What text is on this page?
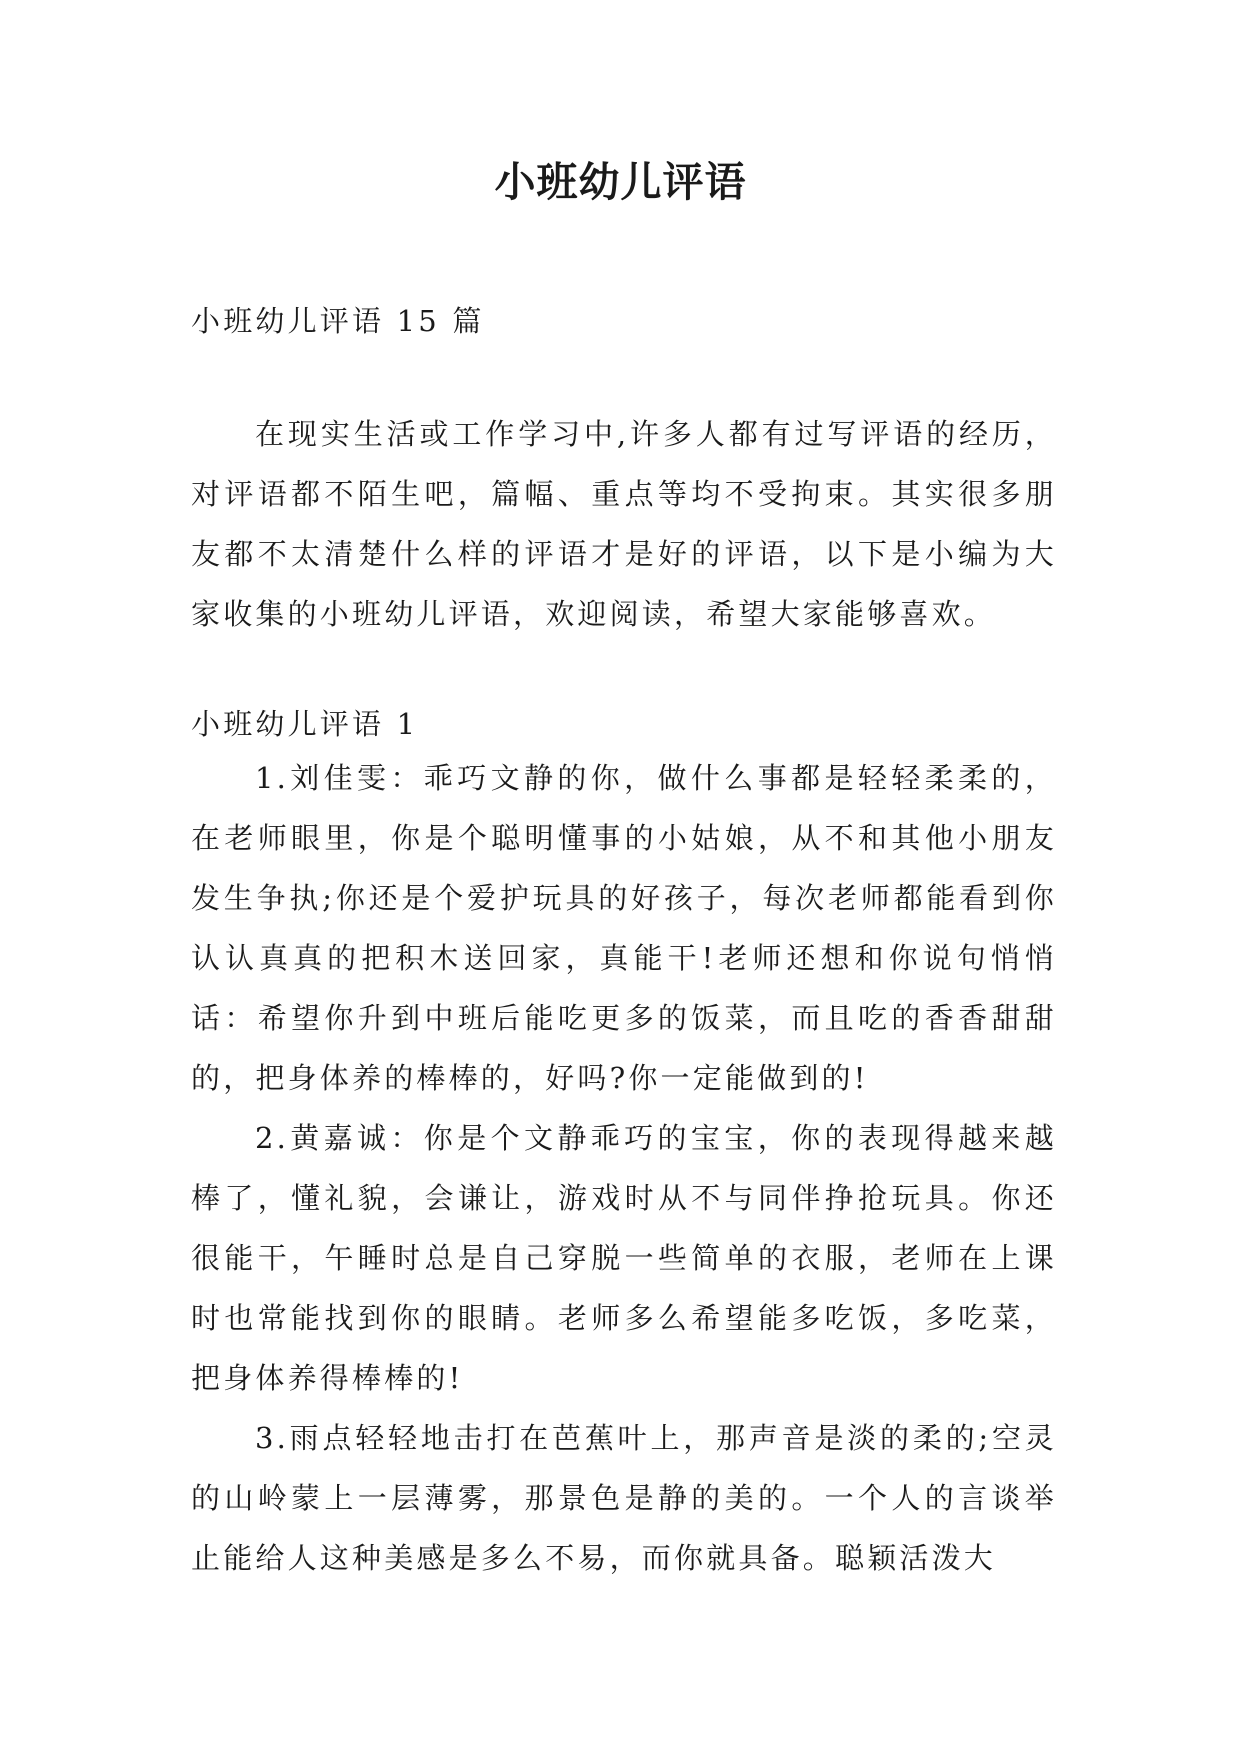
小班幼儿评语
小班幼儿评语 15 篇

在现实生活或工作学习中,许多人都有过写评语的经历，对评语都不陌生吧，篇幅、重点等均不受拘束。其实很多朋友都不太清楚什么样的评语才是好的评语，以下是小编为大家收集的小班幼儿评语，欢迎阅读，希望大家能够喜欢。

小班幼儿评语 1

1.刘佳雯：乖巧文静的你，做什么事都是轻轻柔柔的，在老师眼里，你是个聪明懂事的小姑娘，从不和其他小朋友发生争执;你还是个爱护玩具的好孩子，每次老师都能看到你认认真真的把积木送回家，真能干!老师还想和你说句悄悄话：希望你升到中班后能吃更多的饭菜，而且吃的香香甜甜的，把身体养的棒棒的，好吗?你一定能做到的!

2.黄嘉诚：你是个文静乖巧的宝宝，你的表现得越来越棒了，懂礼貌，会谦让，游戏时从不与同伴挣抢玩具。你还很能干，午睡时总是自己穿脱一些简单的衣服，老师在上课时也常能找到你的眼睛。老师多么希望能多吃饭，多吃菜，把身体养得棒棒的!

3.雨点轻轻地击打在芭蕉叶上，那声音是淡的柔的;空灵的山岭蒙上一层薄雾，那景色是静的美的。一个人的言谈举止能给人这种美感是多么不易，而你就具备。聪颖活泼大
